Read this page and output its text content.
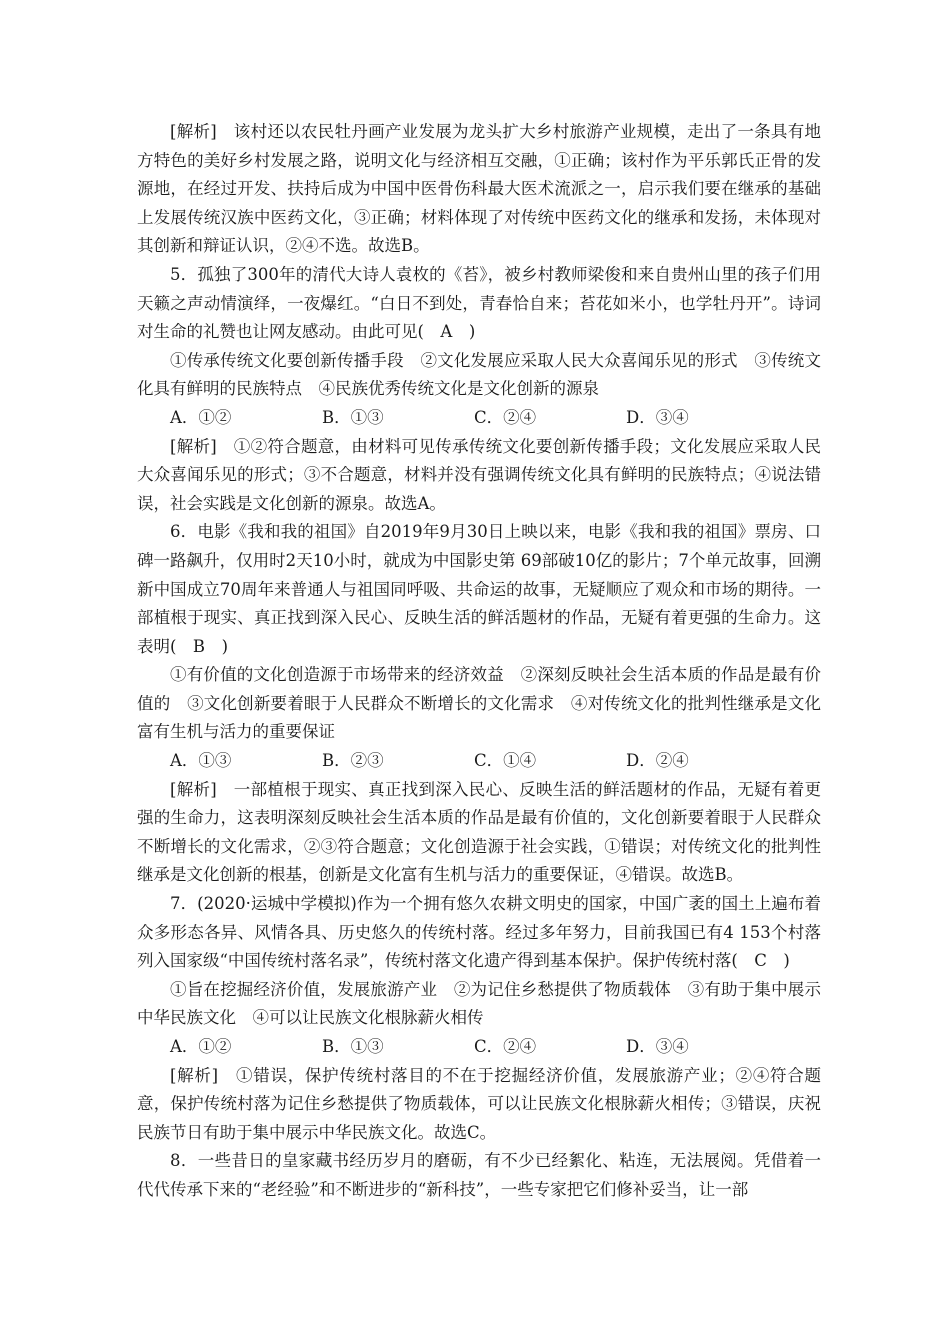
[解析]　该村还以农民牡丹画产业发展为龙头扩大乡村旅游产业规模，走出了一条具有地方特色的美好乡村发展之路，说明文化与经济相互交融，①正确；该村作为平乐郭氏正骨的发源地，在经过开发、扶持后成为中国中医骨伤科最大医术流派之一，启示我们要在继承的基础上发展传统汉族中医药文化，③正确；材料体现了对传统中医药文化的继承和发扬，未体现对其创新和辩证认识，②④不选。故选B。

5．孤独了300年的清代大诗人袁枚的《苔》，被乡村教师梁俊和来自贵州山里的孩子们用天籁之声动情演绎，一夜爆红。“白日不到处，青春恰自来；苔花如米小，也学牡丹开”。诗词对生命的礼赞也让网友感动。由此可见(　A　)

①传承传统文化要创新传播手段　②文化发展应采取人民大众喜闻乐见的形式　③传统文化具有鲜明的民族特点　④民族优秀传统文化是文化创新的源泉

A．①②	B．①③	C．②④	D．③④

[解析]　①②符合题意，由材料可见传承传统文化要创新传播手段；文化发展应采取人民大众喜闻乐见的形式；③不合题意，材料并没有强调传统文化具有鲜明的民族特点；④说法错误，社会实践是文化创新的源泉。故选A。

6．电影《我和我的祖国》自2019年9月30日上映以来，电影《我和我的祖国》票房、口碑一路飙升，仅用时2天10小时，就成为中国影史第 69部破10亿的影片；7个单元故事，回溯新中国成立70周年来普通人与祖国同呼吸、共命运的故事，无疑顺应了观众和市场的期待。一部植根于现实、真正找到深入民心、反映生活的鲜活题材的作品，无疑有着更强的生命力。这表明(　B　)

①有价值的文化创造源于市场带来的经济效益　②深刻反映社会生活本质的作品是最有价值的　③文化创新要着眼于人民群众不断增长的文化需求　④对传统文化的批判性继承是文化富有生机与活力的重要保证

A．①③	B．②③	C．①④	D．②④

[解析]　一部植根于现实、真正找到深入民心、反映生活的鲜活题材的作品，无疑有着更强的生命力，这表明深刻反映社会生活本质的作品是最有价值的，文化创新要着眼于人民群众不断增长的文化需求，②③符合题意；文化创造源于社会实践，①错误；对传统文化的批判性继承是文化创新的根基，创新是文化富有生机与活力的重要保证，④错误。故选B。

7．(2020·运城中学模拟)作为一个拥有悠久农耕文明史的国家，中国广袤的国土上遍布着众多形态各异、风情各具、历史悠久的传统村落。经过多年努力，目前我国已有4 153个村落列入国家级“中国传统村落名录”，传统村落文化遗产得到基本保护。保护传统村落(　C　)

①旨在挖掘经济价值，发展旅游产业　②为记住乡愁提供了物质载体　③有助于集中展示中华民族文化　④可以让民族文化根脉薪火相传

A．①②	B．①③	C．②④	D．③④

[解析]　①错误，保护传统村落目的不在于挖掘经济价值，发展旅游产业；②④符合题意，保护传统村落为记住乡愁提供了物质载体，可以让民族文化根脉薪火相传；③错误，庆祝民族节日有助于集中展示中华民族文化。故选C。

8．一些昔日的皇家藏书经历岁月的磨砺，有不少已经絮化、粘连，无法展阅。凭借着一代代传承下来的“老经验”和不断进步的“新科技”，一些专家把它们修补妥当，让一部
